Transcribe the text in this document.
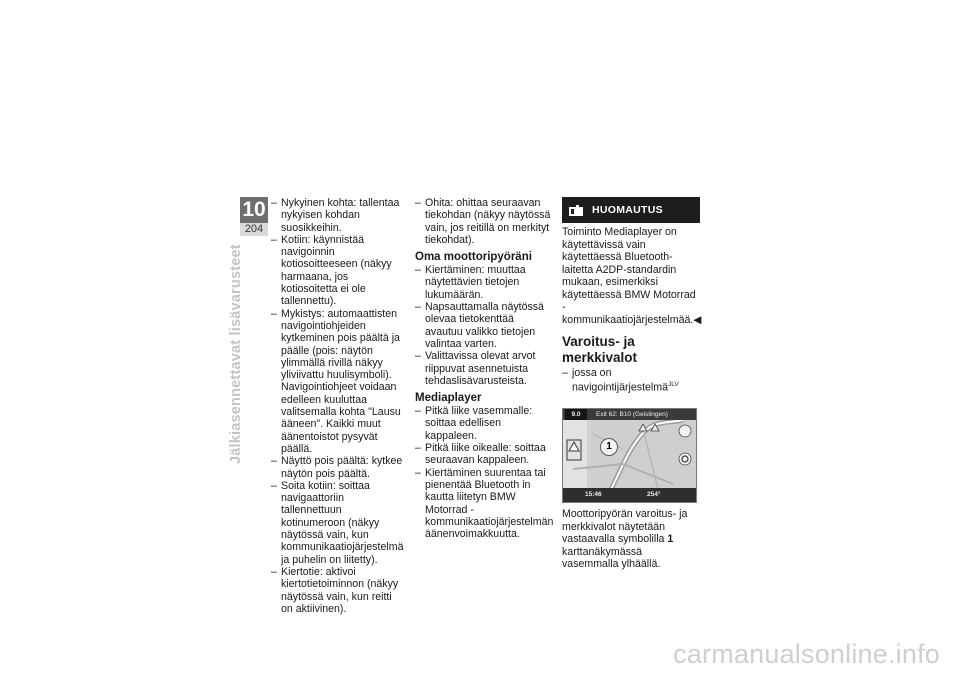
10
204
Jälkiasennettavat lisävarusteet
– Nykyinen kohta: tallentaa nykyisen kohdan suosikkeihin.
– Kotiin: käynnistää navigoinnin kotiosoitteeseen (näkyy harmaana, jos kotiosoitetta ei ole tallennettu).
– Mykistys: automaattisten navigointiohjeiden kytkeminen pois päältä ja päälle (pois: näytön ylimmällä rivillä näkyy yliviivattu huulisymboli). Navigointiohjeet voidaan edelleen kuuluttaa valitsemalla kohta "Lausu ääneen". Kaikki muut äänentoistot pysyvät päällä.
– Näyttö pois päältä: kytkee näytön pois päältä.
– Soita kotiin: soittaa navigaattoriin tallennettuun kotinumeroon (näkyy näytössä vain, kun kommunikaatiojärjestelmä ja puhelin on liitetty).
– Kiertotie: aktivoi kiertotietoiminnon (näkyy näytössä vain, kun reitti on aktiivinen).
– Ohita: ohittaa seuraavan tiekohdan (näkyy näytössä vain, jos reitillä on merkityt tiekohdat).
Oma moottoripyöräni
– Kiertäminen: muuttaa näytettävien tietojen lukumäärän.
– Napsauttamalla näytössä olevaa tietokenttää avautuu valikko tietojen valintaa varten.
– Valittavissa olevat arvot riippuvat asennetuista tehdaslisävarusteista.
Mediaplayer
– Pitkä liike vasemmalle: soittaa edellisen kappaleen.
– Pitkä liike oikealle: soittaa seuraavan kappaleen.
– Kiertäminen suurentaa tai pienentää Bluetooth in kautta liitetyn BMW Motorrad -kommunikaatiojärjestelmän äänenvoimakkuutta.
HUOMAUTUS

Toiminto Mediaplayer on käytettävissä vain käytettäessä Bluetooth-laitetta A2DP-standardin mukaan, esimerkiksi käytettäessä BMW Motorrad -kommunikaatiojärjestelmää.◀

Varoitus- ja merkkivalot
– jossa on navigointijärjestelmä$^{JLV}$
9.0	Exit 62: B10 (Geislingen)
1
15:46	254°

Moottoripyörän varoitus- ja merkkivalot näytetään vastaavalla symbolilla 1 karttanäkymässä vasemmalla ylhäällä.

carmanualsonline.info
